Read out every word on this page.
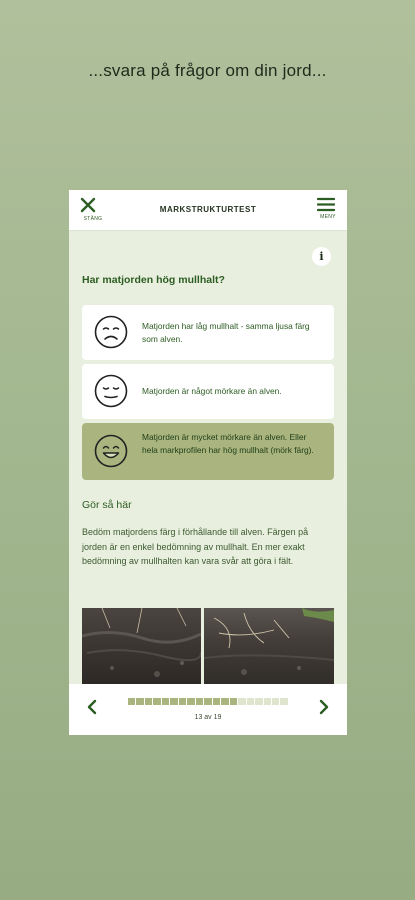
...svara på frågor om din jord...
STÄNG
MARKSTRUKTURTEST
MENY
i
Har matjorden hög mullhalt?
Matjorden har låg mullhalt - samma ljusa färg som alven.
Matjorden är något mörkare än alven.
Matjorden är mycket mörkare än alven. Eller hela markprofilen har hög mullhalt (mörk färg).
Gör så här
Bedöm matjordens färg i förhållande till alven. Färgen på jorden är en enkel bedömning av mullhalt. En mer exakt bedömning av mullhalten kan vara svår att göra i fält.
13 av 19
